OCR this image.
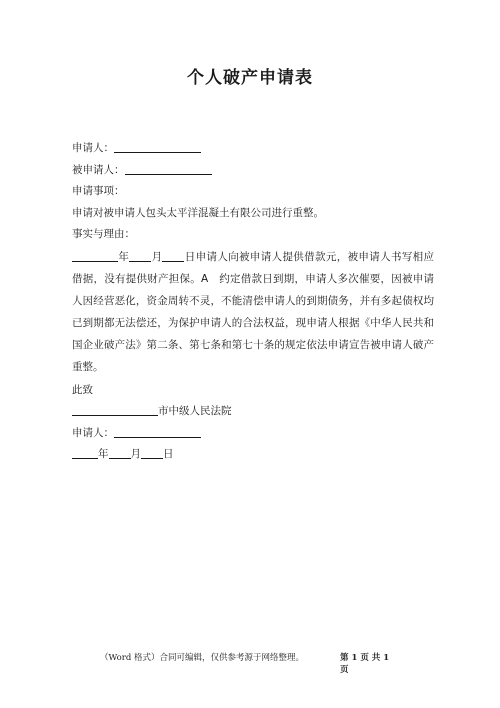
个人破产申请表
申请人：
被申请人：
申请事项：
申请对被申请人包头太平洋混凝土有限公司进行重整。
事实与理由：
年 月 日申请人向被申请人提供借款元，被申请人书写相应借据，没有提供财产担保。A　约定借款日到期，申请人多次催要，因被申请人因经营恶化，资金周转不灵，不能清偿申请人的到期债务，并有多起债权均已到期都无法偿还，为保护申请人的合法权益，现申请人根据《中华人民共和国企业破产法》第二条、第七条和第七十条的规定依法申请宣告被申请人破产重整。
此致
市中级人民法院
申请人：
年 月 日
（Word 格式）合同可编辑，仅供参考源于网络整理。	第 1 页 共 1 页
